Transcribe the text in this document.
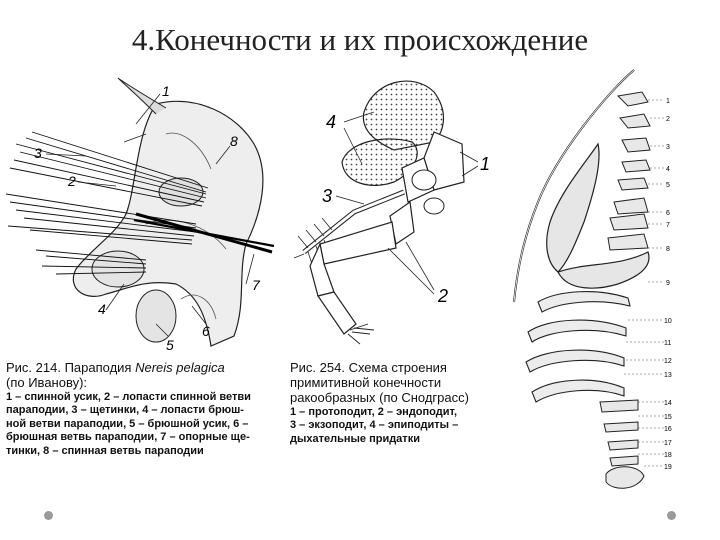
4.Конечности и их происхождение
1
2
3
4
5
6
7
8
Рис. 214. Параподия Nereis pelagica
(по Иванову):
1 – спинной усик, 2 – лопасти спинной ветви
параподии, 3 – щетинки, 4 – лопасти брюш-
ной ветви параподии, 5 – брюшной усик, 6 –
брюшная ветвь параподии, 7 – опорные ще-
тинки, 8 – спинная ветвь параподии
4
1
3
2
Рис. 254. Схема строения
примитивной конечности
ракообразных (по Снодграсс)
1 – протоподит, 2 – эндоподит,
3 – экзоподит, 4 – эпиподиты –
дыхательные придатки
1
2
3
4
5
6
7
8
9
10
11
12
13
14
15
16
17
18
19
